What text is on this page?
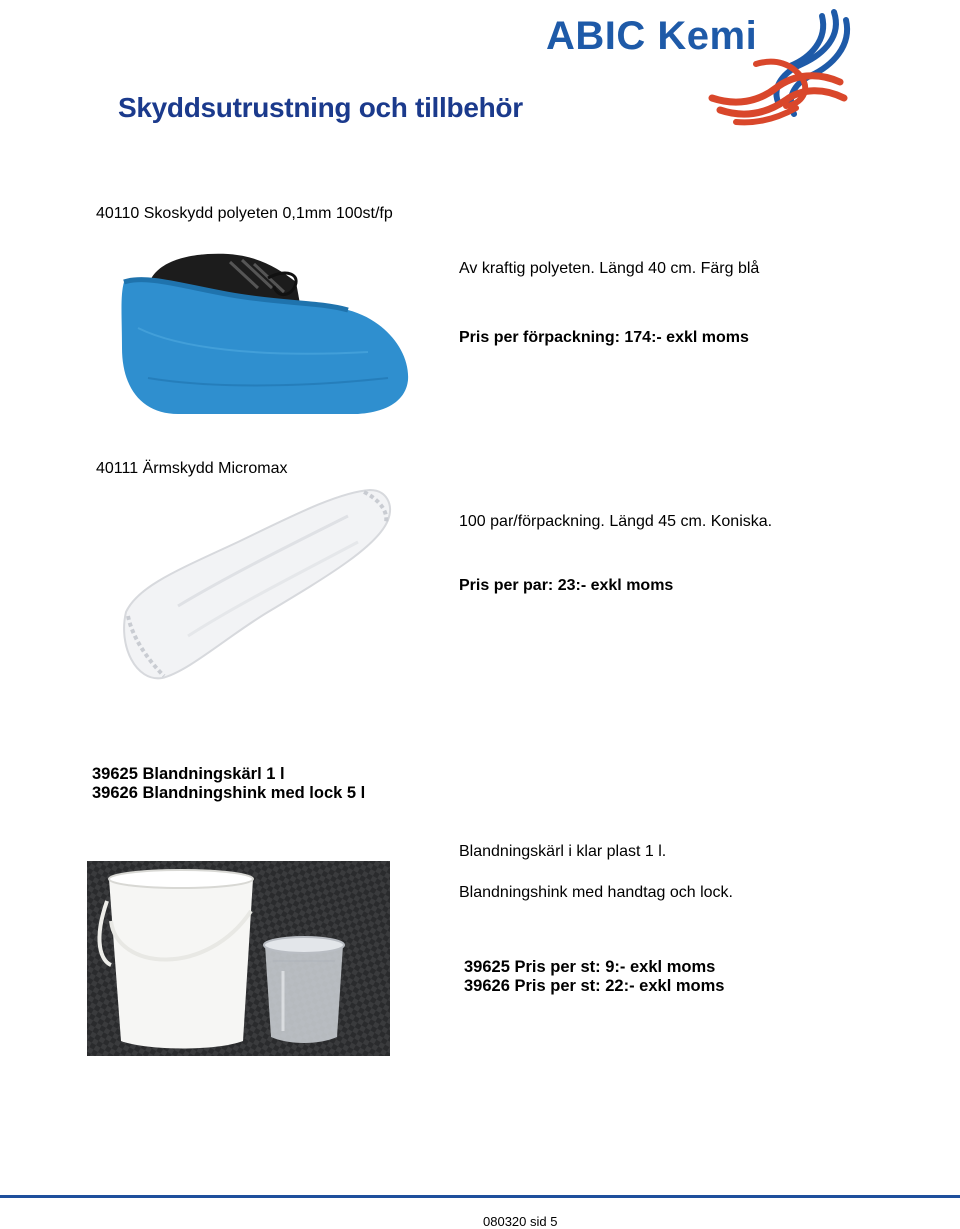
ABIC Kemi
Skyddsutrustning och tillbehör
40110 Skoskydd polyeten 0,1mm 100st/fp
Av kraftig polyeten. Längd 40 cm. Färg blå
Pris per förpackning: 174:- exkl moms
40111 Ärmskydd Micromax
100 par/förpackning. Längd 45 cm. Koniska.
Pris per par: 23:- exkl moms
39625 Blandningskärl 1 l
39626 Blandningshink med lock 5 l
Blandningskärl i klar plast 1 l.
Blandningshink med handtag och lock.
39625 Pris per st: 9:- exkl moms
39626 Pris per st: 22:- exkl moms
080320 sid 5
